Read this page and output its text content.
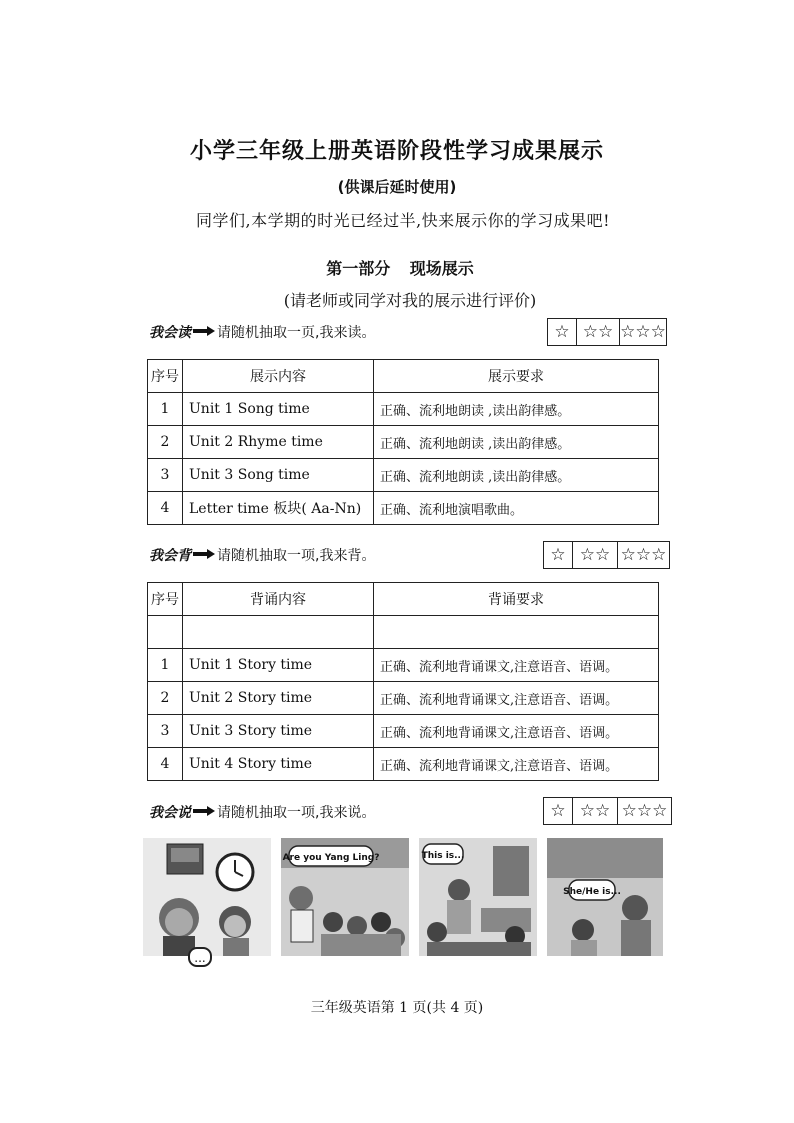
小学三年级上册英语阶段性学习成果展示
(供课后延时使用)
同学们,本学期的时光已经过半,快来展示你的学习成果吧!
第一部分 现场展示
(请老师或同学对我的展示进行评价)
我会读 请随机抽取一页,我来读。	☆ ☆☆ ☆☆☆
序号	展示内容	展示要求
1	Unit 1 Song time	正确、流利地朗读 ,读出韵律感。
2	Unit 2 Rhyme time	正确、流利地朗读 ,读出韵律感。
3	Unit 3 Song time	正确、流利地朗读 ,读出韵律感。
4	Letter time 板块( Aa-Nn)	正确、流利地演唱歌曲。
我会背 请随机抽取一项,我来背。	☆ ☆☆ ☆☆☆
序号	背诵内容	背诵要求

1	Unit 1 Story time	正确、流利地背诵课文,注意语音、语调。
2	Unit 2 Story time	正确、流利地背诵课文,注意语音、语调。
3	Unit 3 Story time	正确、流利地背诵课文,注意语音、语调。
4	Unit 4 Story time	正确、流利地背诵课文,注意语音、语调。
我会说 请随机抽取一项,我来说。	☆ ☆☆ ☆☆☆
...
Are you Yang Ling?	This is...
She/He is...
三年级英语第 1 页(共 4 页)
